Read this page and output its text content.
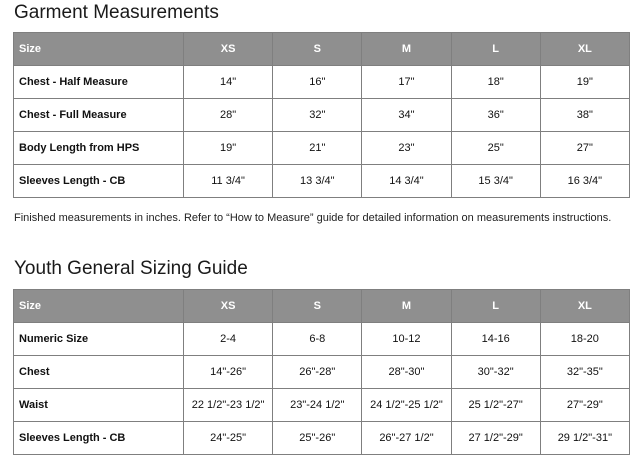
Garment Measurements
Size	XS	S	M	L	XL
Chest - Half Measure	14"	16"	17"	18"	19"
Chest - Full Measure	28"	32"	34"	36"	38"
Body Length from HPS	19"	21"	23"	25"	27"
Sleeves Length - CB	11 3/4"	13 3/4"	14 3/4"	15 3/4"	16 3/4"
Finished measurements in inches. Refer to “How to Measure” guide for detailed information on measurements instructions.
Youth General Sizing Guide
Size	XS	S	M	L	XL
Numeric Size	2-4	6-8	10-12	14-16	18-20
Chest	14"-26"	26"-28"	28"-30"	30"-32"	32"-35"
Waist	22 1/2"-23 1/2"	23"-24 1/2"	24 1/2"-25 1/2"	25 1/2"-27"	27"-29"
Sleeves Length - CB	24"-25"	25"-26"	26"-27 1/2"	27 1/2"-29"	29 1/2"-31"
